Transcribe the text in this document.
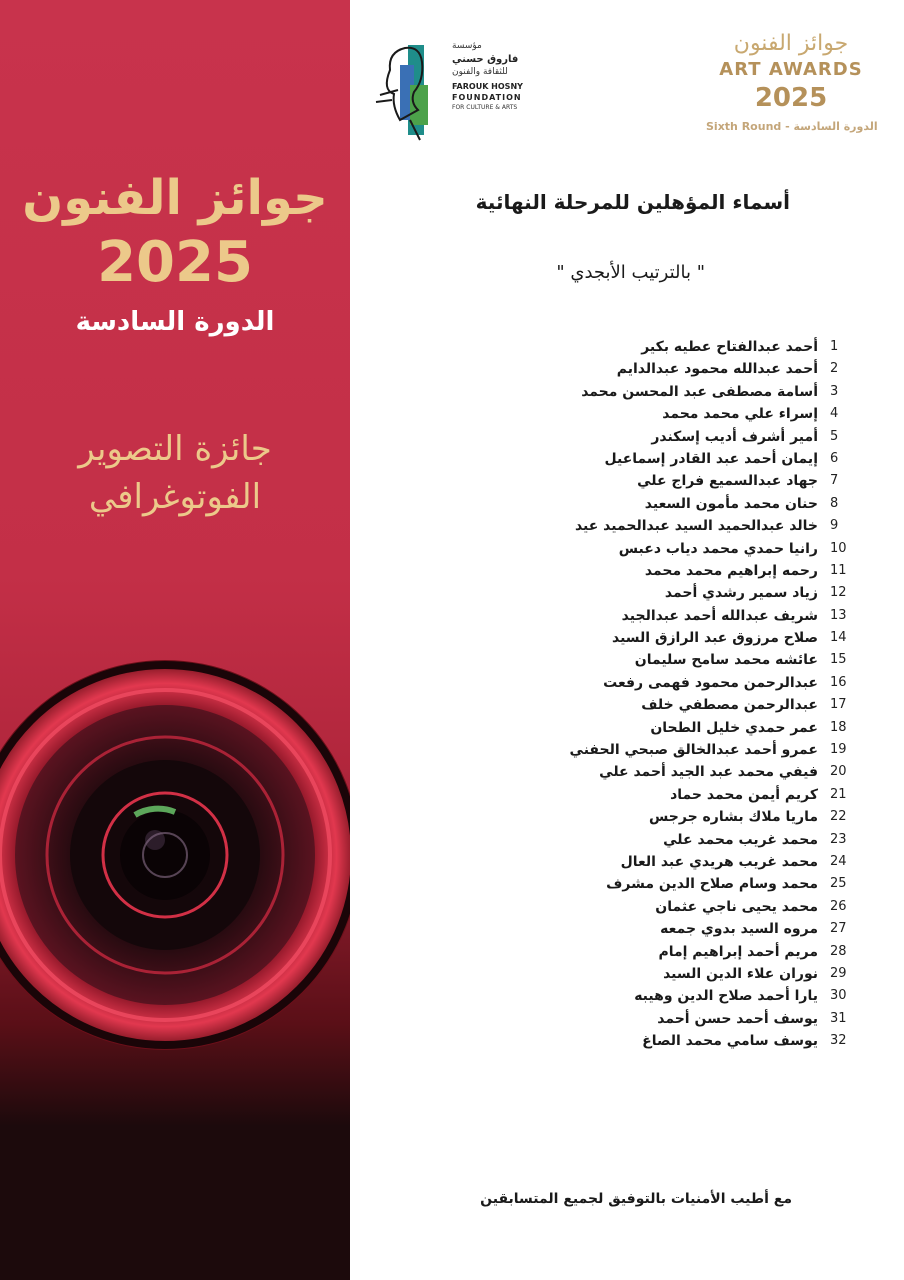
جوائز الفنون
2025
الدورة السادسة
جائزة التصوير
الفوتوغرافي
مؤسسة
فاروق حسني
للثقافة والفنون
FAROUK HOSNY
FOUNDATION
FOR CULTURE & ARTS
جوائز الفنون
ART AWARDS
2025
Sixth Round - الدورة السادسة
أسماء المؤهلين للمرحلة النهائية
" بالترتيب الأبجدي "
1
أحمد عبدالفتاح عطيه بكير
2
أحمد عبدالله محمود عبدالدايم
3
أسامة مصطفى عبد المحسن محمد
4
إسراء علي محمد محمد
5
أمير أشرف أديب إسكندر
6
إيمان أحمد عبد القادر إسماعيل
7
جهاد عبدالسميع فراج علي
8
حنان محمد مأمون السعيد
9
خالد عبدالحميد السيد عبدالحميد عيد
10
رانيا حمدي محمد دياب دعبس
11
رحمه إبراهيم محمد محمد
12
زياد سمير رشدي أحمد
13
شريف عبدالله أحمد عبدالجيد
14
صلاح مرزوق عبد الرازق السيد
15
عائشه محمد سامح سليمان
16
عبدالرحمن محمود فهمى رفعت
17
عبدالرحمن مصطفي خلف
18
عمر حمدي خليل الطحان
19
عمرو أحمد عبدالخالق صبحي الحفني
20
فيفي محمد عبد الجيد أحمد علي
21
كريم أيمن محمد حماد
22
ماريا ملاك بشاره جرجس
23
محمد غريب محمد علي
24
محمد غريب هريدي عبد العال
25
محمد وسام صلاح الدين مشرف
26
محمد يحيى ناجي عثمان
27
مروه السيد بدوي جمعه
28
مريم أحمد إبراهيم إمام
29
نوران علاء الدين السيد
30
يارا أحمد صلاح الدين وهيبه
31
يوسف أحمد حسن أحمد
32
يوسف سامي محمد الصاغ
مع أطيب الأمنيات بالتوفيق لجميع المتسابقين
